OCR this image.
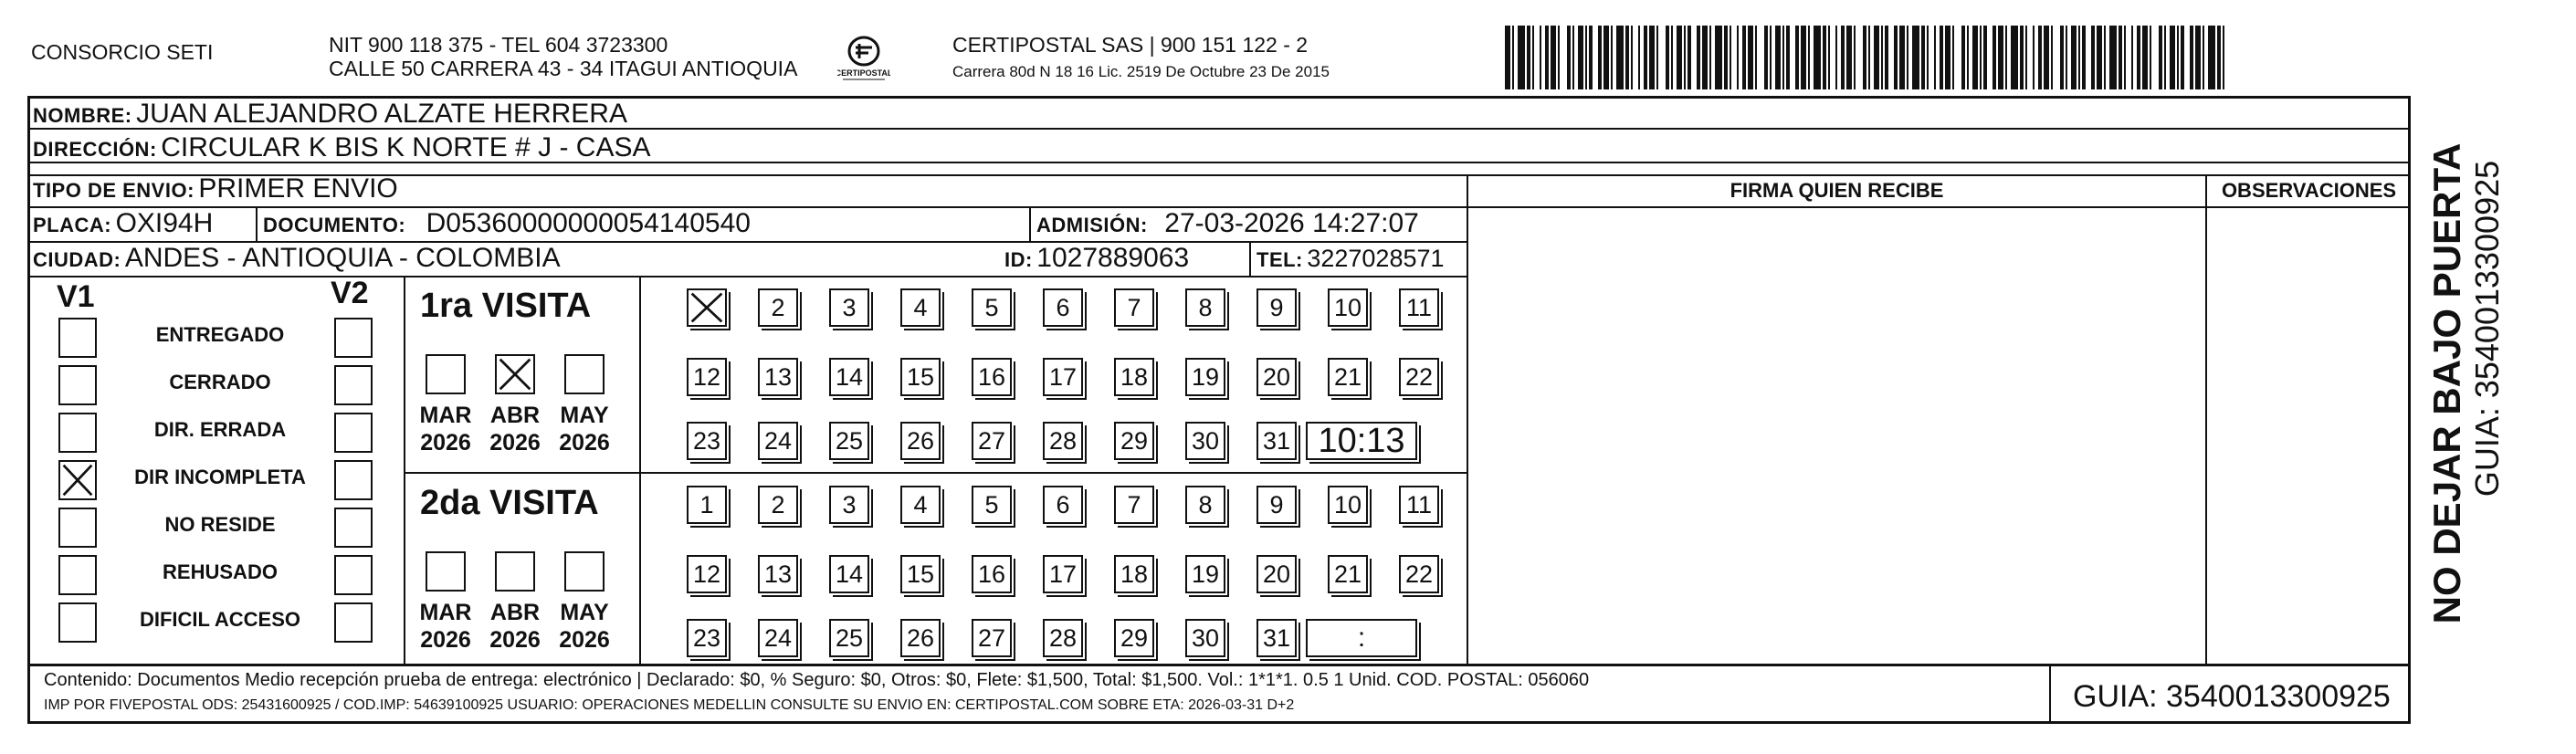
CONSORCIO SETI	NIT 900 118 375 - TEL 604 3723300
CALLE 50 CARRERA 43 - 34 ITAGUI ANTIOQUIA	CERTIPOSTAL
CERTIPOSTAL SAS | 900 151 122 - 2
Carrera 80d N 18 16 Lic. 2519 De Octubre 23 De 2015
NOMBRE: JUAN ALEJANDRO ALZATE HERRERA
DIRECCIÓN: CIRCULAR K BIS K NORTE # J - CASA
TIPO DE ENVIO: PRIMER ENVIO
PLACA: OXI94H DOCUMENTO: D05360000000054140540	ADMISIÓN: 27-03-2026 14:27:07
CIUDAD: ANDES - ANTIOQUIA - COLOMBIA	ID: 1027889063	TEL: 3227028571
FIRMA QUIEN RECIBE	OBSERVACIONES
V1	V2
ENTREGADO
CERRADO
DIR. ERRADA
DIR INCOMPLETA
NO RESIDE
REHUSADO
DIFICIL ACCESO
1ra VISITA
MAR
2026
ABR
2026
MAY
2026
2 3 4 5 6 7 8 9 10 11
12 13 14 15 16 17 18 19 20 21 22
23 24 25 26 27 28 29 30 31 10:13
2da VISITA
MAR
2026
ABR
2026
MAY
2026
1 2 3 4 5 6 7 8 9 10 11
12 13 14 15 16 17 18 19 20 21 22
23 24 25 26 27 28 29 30 31 :
Contenido: Documentos Medio recepción prueba de entrega: electrónico | Declarado: $0, % Seguro: $0, Otros: $0, Flete: $1,500, Total: $1,500. Vol.: 1*1*1. 0.5 1 Unid. COD. POSTAL: 056060
IMP POR FIVEPOSTAL ODS: 25431600925 / COD.IMP: 54639100925 USUARIO: OPERACIONES MEDELLIN CONSULTE SU ENVIO EN: CERTIPOSTAL.COM SOBRE ETA: 2026-03-31 D+2	GUIA: 3540013300925
NO DEJAR BAJO PUERTA GUIA: 3540013300925
